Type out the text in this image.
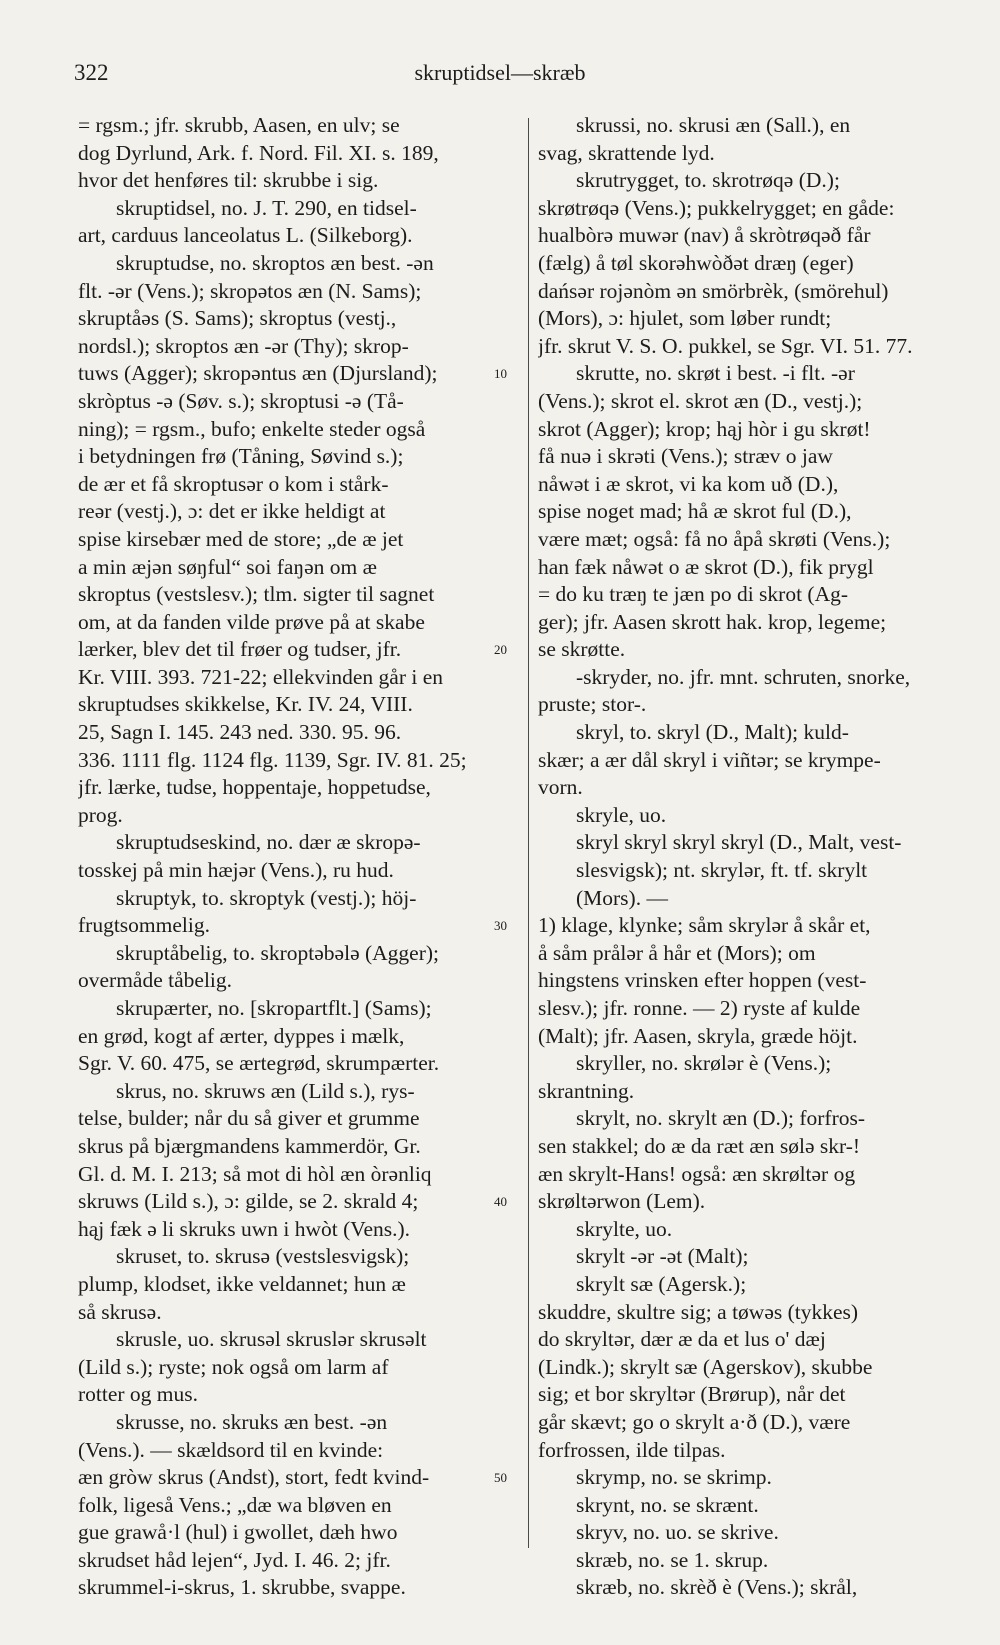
322	skruptidsel—skræb
= rgsm.; jfr. skrubb, Aasen, en ulv; se
dog Dyrlund, Ark. f. Nord. Fil. XI. s. 189,
hvor det henføres til: skrubbe i sig.
skruptidsel, no. J. T. 290, en tidsel-
art, carduus lanceolatus L. (Silkeborg).
skruptudse, no. skroptos æn best. -ən
flt. -ər (Vens.); skropətos æn (N. Sams);
skruptåəs (S. Sams); skroptus (vestj.,
nordsl.); skroptos æn -ər (Thy); skrop-
tuws (Agger); skropəntus æn (Djursland);
skròptus -ə (Søv. s.); skroptusi -ə (Tå-
ning); = rgsm., bufo; enkelte steder også
i betydningen frø (Tåning, Søvind s.);
de ær et få skroptusər o kom i stårk-
reər (vestj.), ɔ: det er ikke heldigt at
spise kirsebær med de store; „de æ jet
a min æjən søŋful“ soi faŋən om æ
skroptus (vestslesv.); tlm. sigter til sagnet
om, at da fanden vilde prøve på at skabe
lærker, blev det til frøer og tudser, jfr.
Kr. VIII. 393. 721-22; ellekvinden går i en
skruptudses skikkelse, Kr. IV. 24, VIII.
25, Sagn I. 145. 243 ned. 330. 95. 96.
336. 1111 flg. 1124 flg. 1139, Sgr. IV. 81. 25;
jfr. lærke, tudse, hoppentaje, hoppetudse,
prog.
skruptudseskind, no. dær æ skropə-
tosskej på min hæjər (Vens.), ru hud.
skruptyk, to. skroptyk (vestj.); höj-
frugtsommelig.
skruptåbelig, to. skroptəbələ (Agger);
overmåde tåbelig.
skrupærter, no. [skropartflt.] (Sams);
en grød, kogt af ærter, dyppes i mælk,
Sgr. V. 60. 475, se ærtegrød, skrumpærter.
skrus, no. skruws æn (Lild s.), rys-
telse, bulder; når du så giver et grumme
skrus på bjærgmandens kammerdör, Gr.
Gl. d. M. I. 213; så mot di hòl æn òrənliq
skruws (Lild s.), ɔ: gilde, se 2. skrald 4;
hąj fæk ə li skruks uwn i hwòt (Vens.).
skruset, to. skrusə (vestslesvigsk);
plump, klodset, ikke veldannet; hun æ
så skrusə.
skrusle, uo. skrusəl skruslər skrusəlt
(Lild s.); ryste; nok også om larm af
rotter og mus.
skrusse, no. skruks æn best. -ən
(Vens.). — skældsord til en kvinde:
æn gròw skrus (Andst), stort, fedt kvind-
folk, ligeså Vens.; „dæ wa bløven en
gue grawå·l (hul) i gwollet, dæh hwo
skrudset håd lejen“, Jyd. I. 46. 2; jfr.
skrummel-i-skrus, 1. skrubbe, svappe.
10
20
30
40
50
skrussi, no. skrusi æn (Sall.), en
svag, skrattende lyd.
skrutrygget, to. skrotrøqə (D.);
skrøtrøqə (Vens.); pukkelrygget; en gåde:
hualbòrə muwər (nav) å skròtrøqəð får
(fælg) å tøl skorəhwòðət dræŋ (eger)
dańsər rojənòm ən smörbrèk, (smörehul)
(Mors), ɔ: hjulet, som løber rundt;
jfr. skrut V. S. O. pukkel, se Sgr. VI. 51. 77.
skrutte, no. skrøt i best. -i flt. -ər
(Vens.); skrot el. skrot æn (D., vestj.);
skrot (Agger); krop; hąj hòr i gu skrøt!
få nuə i skrəti (Vens.); stræv o jaw
nåwət i æ skrot, vi ka kom uð (D.),
spise noget mad; hå æ skrot ful (D.),
være mæt; også: få no åpå skrøti (Vens.);
han fæk nåwət o æ skrot (D.), fik prygl
= do ku træŋ te jæn po di skrot (Ag-
ger); jfr. Aasen skrott hak. krop, legeme;
se skrøtte.
-skryder, no. jfr. mnt. schruten, snorke,
pruste; stor-.
skryl, to. skryl (D., Malt); kuld-
skær; a ær dål skryl i viñtər; se krympe-
vorn.
skryle, uo.
skryl skryl skryl skryl (D., Malt, vest-
slesvigsk); nt. skrylər, ft. tf. skrylt
(Mors). —
1) klage, klynke; såm skrylər å skår et,
å såm prålər å hår et (Mors); om
hingstens vrinsken efter hoppen (vest-
slesv.); jfr. ronne. — 2) ryste af kulde
(Malt); jfr. Aasen, skryla, græde höjt.
skryller, no. skrølər è (Vens.);
skrantning.
skrylt, no. skrylt æn (D.); forfros-
sen stakkel; do æ da ræt æn sølə skr-!
æn skrylt-Hans! også: æn skrøltər og
skrøltərwon (Lem).
skrylte, uo.
skrylt -ər -ət (Malt);
skrylt sæ (Agersk.);
skuddre, skultre sig; a tøwəs (tykkes)
do skryltər, dær æ da et lus o' dæj
(Lindk.); skrylt sæ (Agerskov), skubbe
sig; et bor skryltər (Brørup), når det
går skævt; go o skrylt a·ð (D.), være
forfrossen, ilde tilpas.
skrymp, no. se skrimp.
skrynt, no. se skrænt.
skryv, no. uo. se skrive.
skræb, no. se 1. skrup.
skræb, no. skrèð è (Vens.); skrål,
